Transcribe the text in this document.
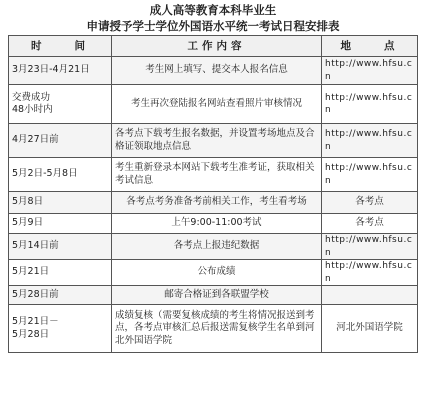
成人高等教育本科毕业生
申请授予学士学位外国语水平统一考试日程安排表
时　　间	工作内容	地　　点
3月23日-4月21日	考生网上填写、提交本人报名信息	http://www.hfsu.cn
交费成功
48小时内	考生再次登陆报名网站查看照片审核情况	http://www.hfsu.cn
4月27日前	各考点下载考生报名数据，并设置考场地点及合格证领取地点信息	http://www.hfsu.cn
5月2日-5月8日	考生重新登录本网站下载考生准考证，获取相关考试信息	http://www.hfsu.cn
5月8日	各考点考务准备考前相关工作，考生看考场	各考点
5月9日	上午9:00-11:00考试	各考点
5月14日前	各考点上报违纪数据	http://www.hfsu.cn
5月21日	公布成绩	http://www.hfsu.cn
5月28日前	邮寄合格证到各联盟学校	
5月21日－
5月28日	成绩复核（需要复核成绩的考生将情况报送到考点，各考点审核汇总后报送需复核学生名单到河北外国语学院	河北外国语学院
